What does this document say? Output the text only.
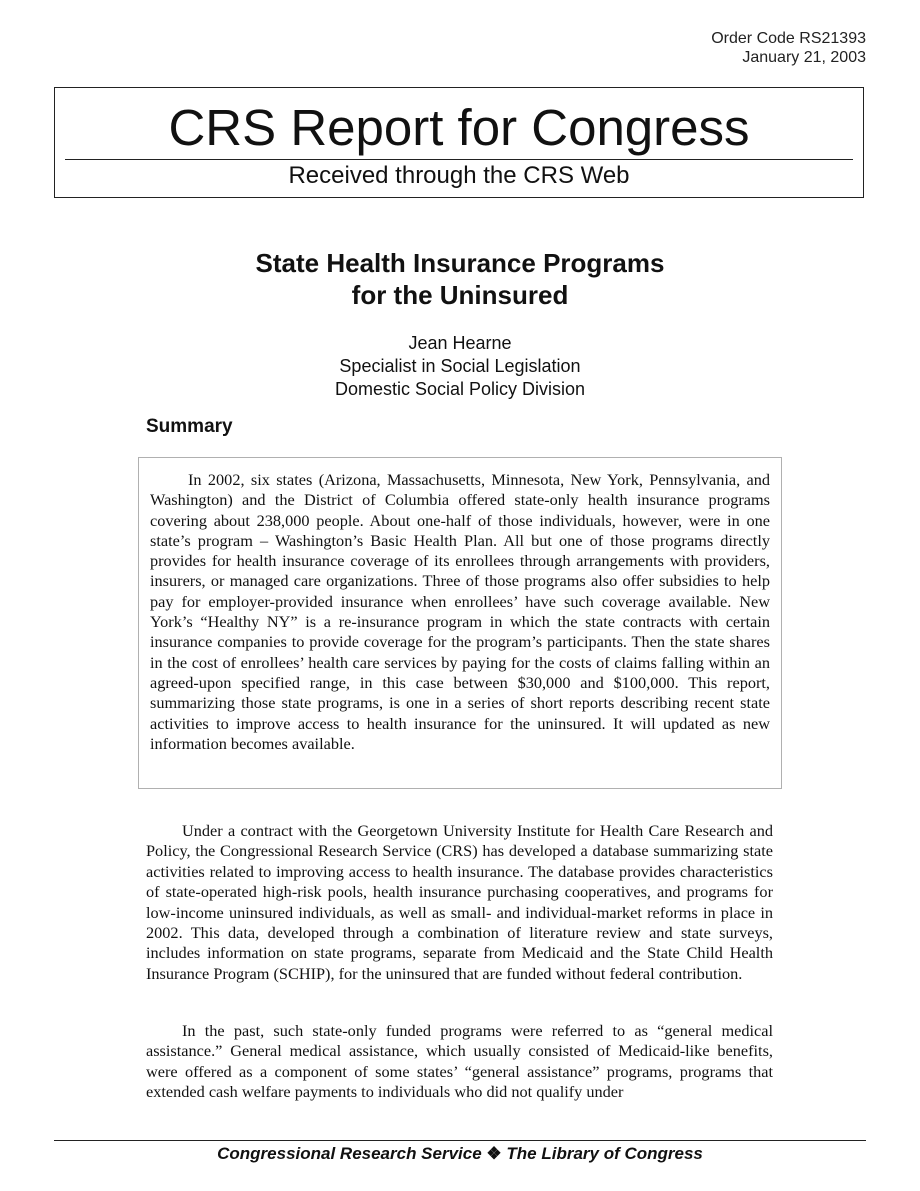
Order Code RS21393
January 21, 2003
CRS Report for Congress
Received through the CRS Web
State Health Insurance Programs
for the Uninsured
Jean Hearne
Specialist in Social Legislation
Domestic Social Policy Division
Summary

In 2002, six states (Arizona, Massachusetts, Minnesota, New York, Pennsylvania, and Washington) and the District of Columbia offered state-only health insurance programs covering about 238,000 people. About one-half of those individuals, however, were in one state’s program – Washington’s Basic Health Plan. All but one of those programs directly provides for health insurance coverage of its enrollees through arrangements with providers, insurers, or managed care organizations. Three of those programs also offer subsidies to help pay for employer-provided insurance when enrollees’ have such coverage available. New York’s “Healthy NY” is a re-insurance program in which the state contracts with certain insurance companies to provide coverage for the program’s participants. Then the state shares in the cost of enrollees’ health care services by paying for the costs of claims falling within an agreed-upon specified range, in this case between $30,000 and $100,000. This report, summarizing those state programs, is one in a series of short reports describing recent state activities to improve access to health insurance for the uninsured. It will updated as new information becomes available.

Under a contract with the Georgetown University Institute for Health Care Research and Policy, the Congressional Research Service (CRS) has developed a database summarizing state activities related to improving access to health insurance. The database provides characteristics of state-operated high-risk pools, health insurance purchasing cooperatives, and programs for low-income uninsured individuals, as well as small- and individual-market reforms in place in 2002. This data, developed through a combination of literature review and state surveys, includes information on state programs, separate from Medicaid and the State Child Health Insurance Program (SCHIP), for the uninsured that are funded without federal contribution.

In the past, such state-only funded programs were referred to as “general medical assistance.” General medical assistance, which usually consisted of Medicaid-like benefits, were offered as a component of some states’ “general assistance” programs, programs that extended cash welfare payments to individuals who did not qualify under

Congressional Research Service ❖ The Library of Congress
